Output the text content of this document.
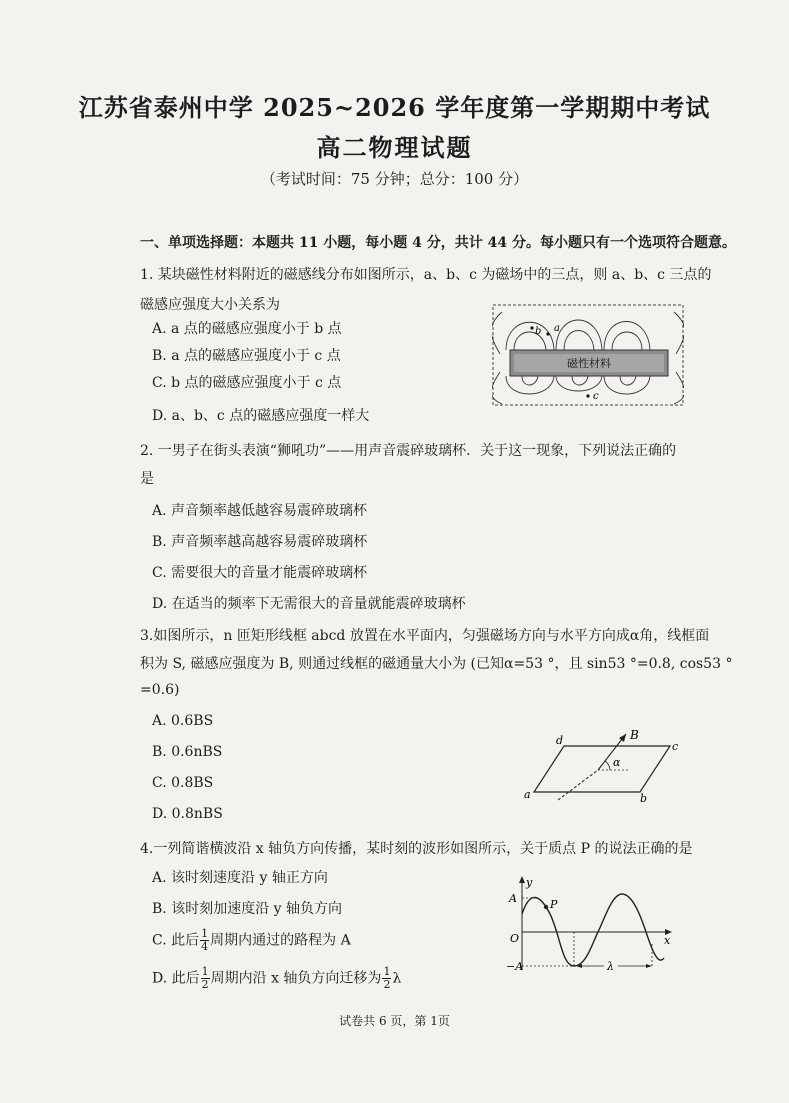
江苏省泰州中学 2025~2026 学年度第一学期期中考试
高二物理试题
（考试时间：75 分钟；总分：100 分）
一、单项选择题：本题共 11 小题，每小题 4 分，共计 44 分。每小题只有一个选项符合题意。
1. 某块磁性材料附近的磁感线分布如图所示，a、b、c 为磁场中的三点，则 a、b、c 三点的
磁感应强度大小关系为
A. a 点的磁感应强度小于 b 点
B. a 点的磁感应强度小于 c 点
C. b 点的磁感应强度小于 c 点
D. a、b、c 点的磁感应强度一样大
磁性材料
a
b
c
2. 一男子在街头表演“狮吼功”——用声音震碎玻璃杯．关于这一现象，下列说法正确的
是
A. 声音频率越低越容易震碎玻璃杯
B. 声音频率越高越容易震碎玻璃杯
C. 需要很大的音量才能震碎玻璃杯
D. 在适当的频率下无需很大的音量就能震碎玻璃杯
3.如图所示，n 匝矩形线框 abcd 放置在水平面内，匀强磁场方向与水平方向成α角，线框面
积为 S, 磁感应强度为 B, 则通过线框的磁通量大小为 (已知α=53 °，且 sin53 °=0.8, cos53 °
=0.6)
A. 0.6BS
B. 0.6nBS
C. 0.8BS
D. 0.8nBS
α
B
d	c
a	b
4.一列简谐横波沿 x 轴负方向传播，某时刻的波形如图所示，关于质点 P 的说法正确的是
A. 该时刻速度沿 y 轴正方向
B. 该时刻加速度沿 y 轴负方向
C. 此后 $\frac{1}{4}$ 周期内通过的路程为 A
D. 此后 $\frac{1}{2}$ 周期内沿 x 轴负方向迁移为 $\frac{1}{2}$ λ
P
y
x
A
−A
O
λ
试卷共 6 页，第 1页
